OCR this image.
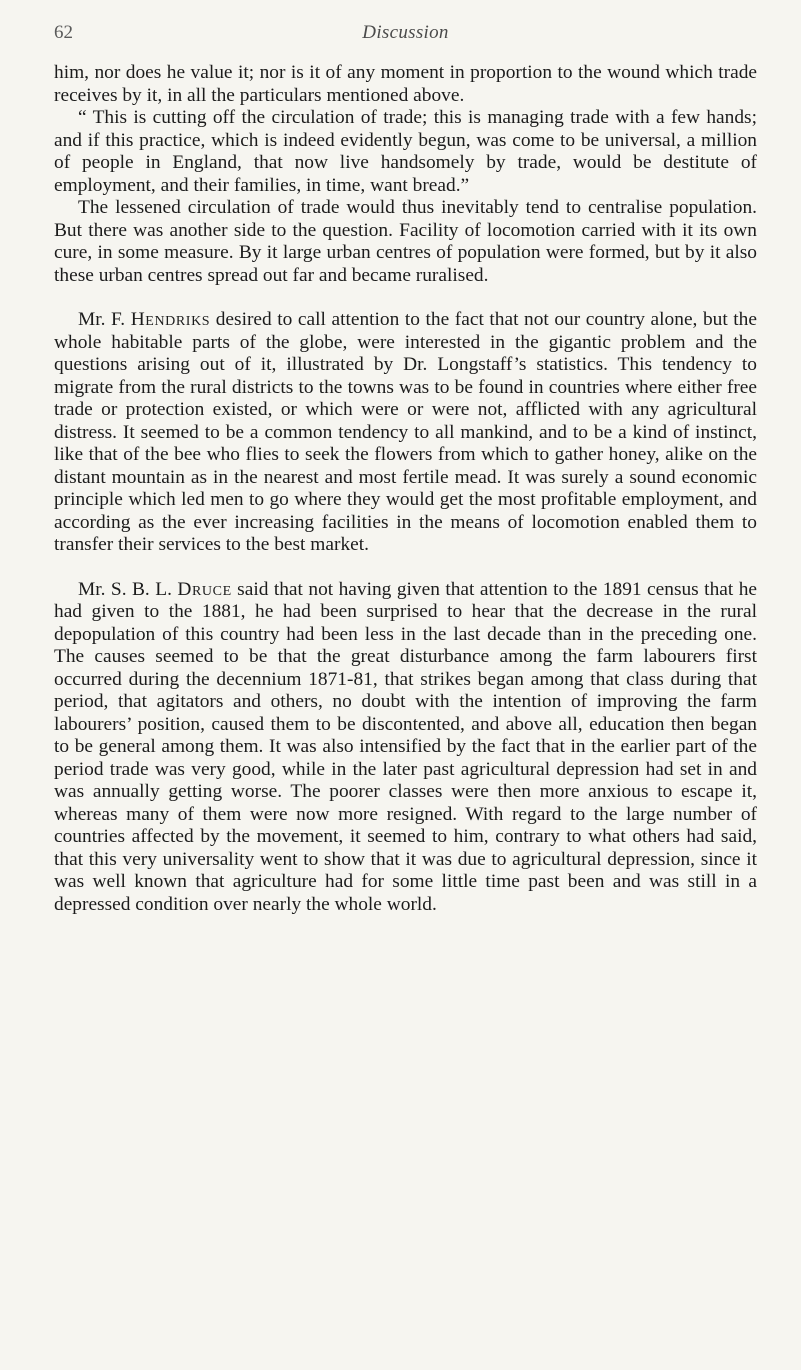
62	Discussion

him, nor does he value it; nor is it of any moment in proportion to the wound which trade receives by it, in all the particulars mentioned above.

“ This is cutting off the circulation of trade; this is managing trade with a few hands; and if this practice, which is indeed evidently begun, was come to be universal, a million of people in England, that now live handsomely by trade, would be destitute of employment, and their families, in time, want bread.”

The lessened circulation of trade would thus inevitably tend to centralise population. But there was another side to the question. Facility of locomotion carried with it its own cure, in some measure. By it large urban centres of population were formed, but by it also these urban centres spread out far and became ruralised.

Mr. F. Hendriks desired to call attention to the fact that not our country alone, but the whole habitable parts of the globe, were interested in the gigantic problem and the questions arising out of it, illustrated by Dr. Longstaff’s statistics. This tendency to migrate from the rural districts to the towns was to be found in countries where either free trade or protection existed, or which were or were not, afflicted with any agricultural distress. It seemed to be a common tendency to all mankind, and to be a kind of instinct, like that of the bee who flies to seek the flowers from which to gather honey, alike on the distant mountain as in the nearest and most fertile mead. It was surely a sound economic principle which led men to go where they would get the most profitable employment, and according as the ever increasing facilities in the means of locomotion enabled them to transfer their services to the best market.

Mr. S. B. L. Druce said that not having given that attention to the 1891 census that he had given to the 1881, he had been surprised to hear that the decrease in the rural depopulation of this country had been less in the last decade than in the preceding one. The causes seemed to be that the great disturbance among the farm labourers first occurred during the decennium 1871-81, that strikes began among that class during that period, that agitators and others, no doubt with the intention of improving the farm labourers’ position, caused them to be discontented, and above all, education then began to be general among them. It was also intensified by the fact that in the earlier part of the period trade was very good, while in the later past agricultural depression had set in and was annually getting worse. The poorer classes were then more anxious to escape it, whereas many of them were now more resigned. With regard to the large number of countries affected by the movement, it seemed to him, contrary to what others had said, that this very universality went to show that it was due to agricultural depression, since it was well known that agriculture had for some little time past been and was still in a depressed condition over nearly the whole world.
